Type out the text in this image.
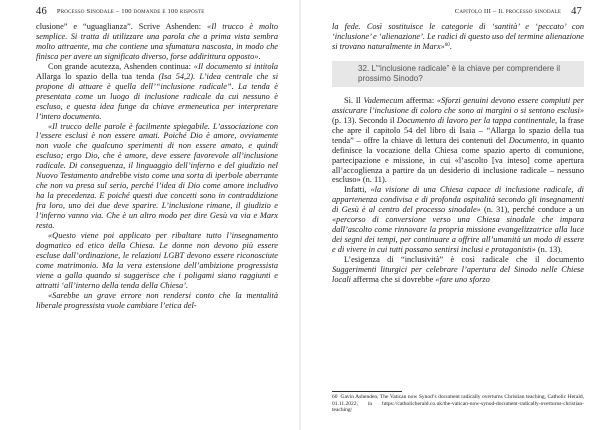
46 Processo Sinodale – 100 domande e 100 risposte

clusione” e “uguaglianza”. Scrive Ashenden: «Il trucco è molto semplice. Si tratta di utilizzare una parola che a prima vista sembra molto attraente, ma che contiene una sfumatura nascosta, in modo che finisca per avere un significato diverso, forse addirittura opposto».

Con grande acutezza, Ashenden continua: «Il documento si intitola Allarga lo spazio della tua tenda (Isa 54,2). L’idea centrale che si propone di attuare è quella dell’“inclusione radicale”. La tenda è presentata come un luogo di inclusione radicale da cui nessuno è escluso, e questa idea funge da chiave ermeneutica per interpretare l’intero documento.

«Il trucco delle parole è facilmente spiegabile. L’associazione con l’essere esclusi è non essere amati. Poiché Dio è amore, ovviamente non vuole che qualcuno sperimenti di non essere amato, e quindi escluso; ergo Dio, che è amore, deve essere favorevole all’inclusione radicale. Di conseguenza, il linguaggio dell’inferno e del giudizio nel Nuovo Testamento andrebbe visto come una sorta di iperbole aberrante che non va presa sul serio, perché l’idea di Dio come amore includivo ha la precedenza. E poiché questi due concetti sono in contraddizione fra loro, uno dei due deve sparire. L’inclusione rimane, il giudizio e l’inferno vanno via. Che è un altro modo per dire Gesù va via e Marx resta.

«Questo viene poi applicato per ribaltare tutto l’insegnamento dogmatico ed etico della Chiesa. Le donne non devono più essere escluse dall’ordinazione, le relazioni LGBT devono essere riconosciute come matrimonio. Ma la vera estensione dell’ambizione progressista viene a galla quando si suggerisce che i poligami siano raggiunti e attratti ‘all’interno della tenda della Chiesa’.

«Sarebbe un grave errore non rendersi conto che la mentalità liberale progressista vuole cambiare l’etica del-

Capitolo III – Il processo sinodale 47

la fede. Così sostituisce le categorie di ‘santità’ e ‘peccato’ con ‘inclusione’ e ‘alienazione’. Le radici di questo uso del termine alienazione si trovano naturalmente in Marx»$^{60}$.

32. L’“inclusione radicale” è la chiave per comprendere il prossimo Sinodo?

Sì. Il Vademecum afferma: «Sforzi genuini devono essere compiuti per assicurare l’inclusione di coloro che sono ai margini o si sentono esclusi» (p. 13). Secondo il Documento di lavoro per la tappa continentale, la frase che apre il capitolo 54 del libro di Isaia – “Allarga lo spazio della tua tenda” – offre la chiave di lettura dei contenuti del Documento, in quanto definisce la vocazione della Chiesa come spazio aperto di comunione, partecipazione e missione, in cui «l’ascolto [va inteso] come apertura all’accoglienza a partire da un desiderio di inclusione radicale – nessuno escluso» (n. 11).

Infatti, «la visione di una Chiesa capace di inclusione radicale, di appartenenza condivisa e di profonda ospitalità secondo gli insegnamenti di Gesù è al centro del processo sinodale» (n. 31), perché conduce a un «percorso di conversione verso una Chiesa sinodale che impara dall’ascolto come rinnovare la propria missione evangelizzatrice alla luce dei segni dei tempi, per continuare a offrire all’umanità un modo di essere e di vivere in cui tutti possano sentirsi inclusi e protagonisti» (n. 13).

L’esigenza di “inclusività” è così radicale che il documento Suggerimenti liturgici per celebrare l’apertura del Sinodo nelle Chiese locali afferma che si dovrebbe «fare uno sforzo

60 Gavin Ashenden, The Vatican now Synod’s document radically overturns Christian teaching, Catholic Herald, 01.11.2022, in https://catholicherald.co.uk/the-vatican-now-synod-document-radically-overturns-christian-teaching/
